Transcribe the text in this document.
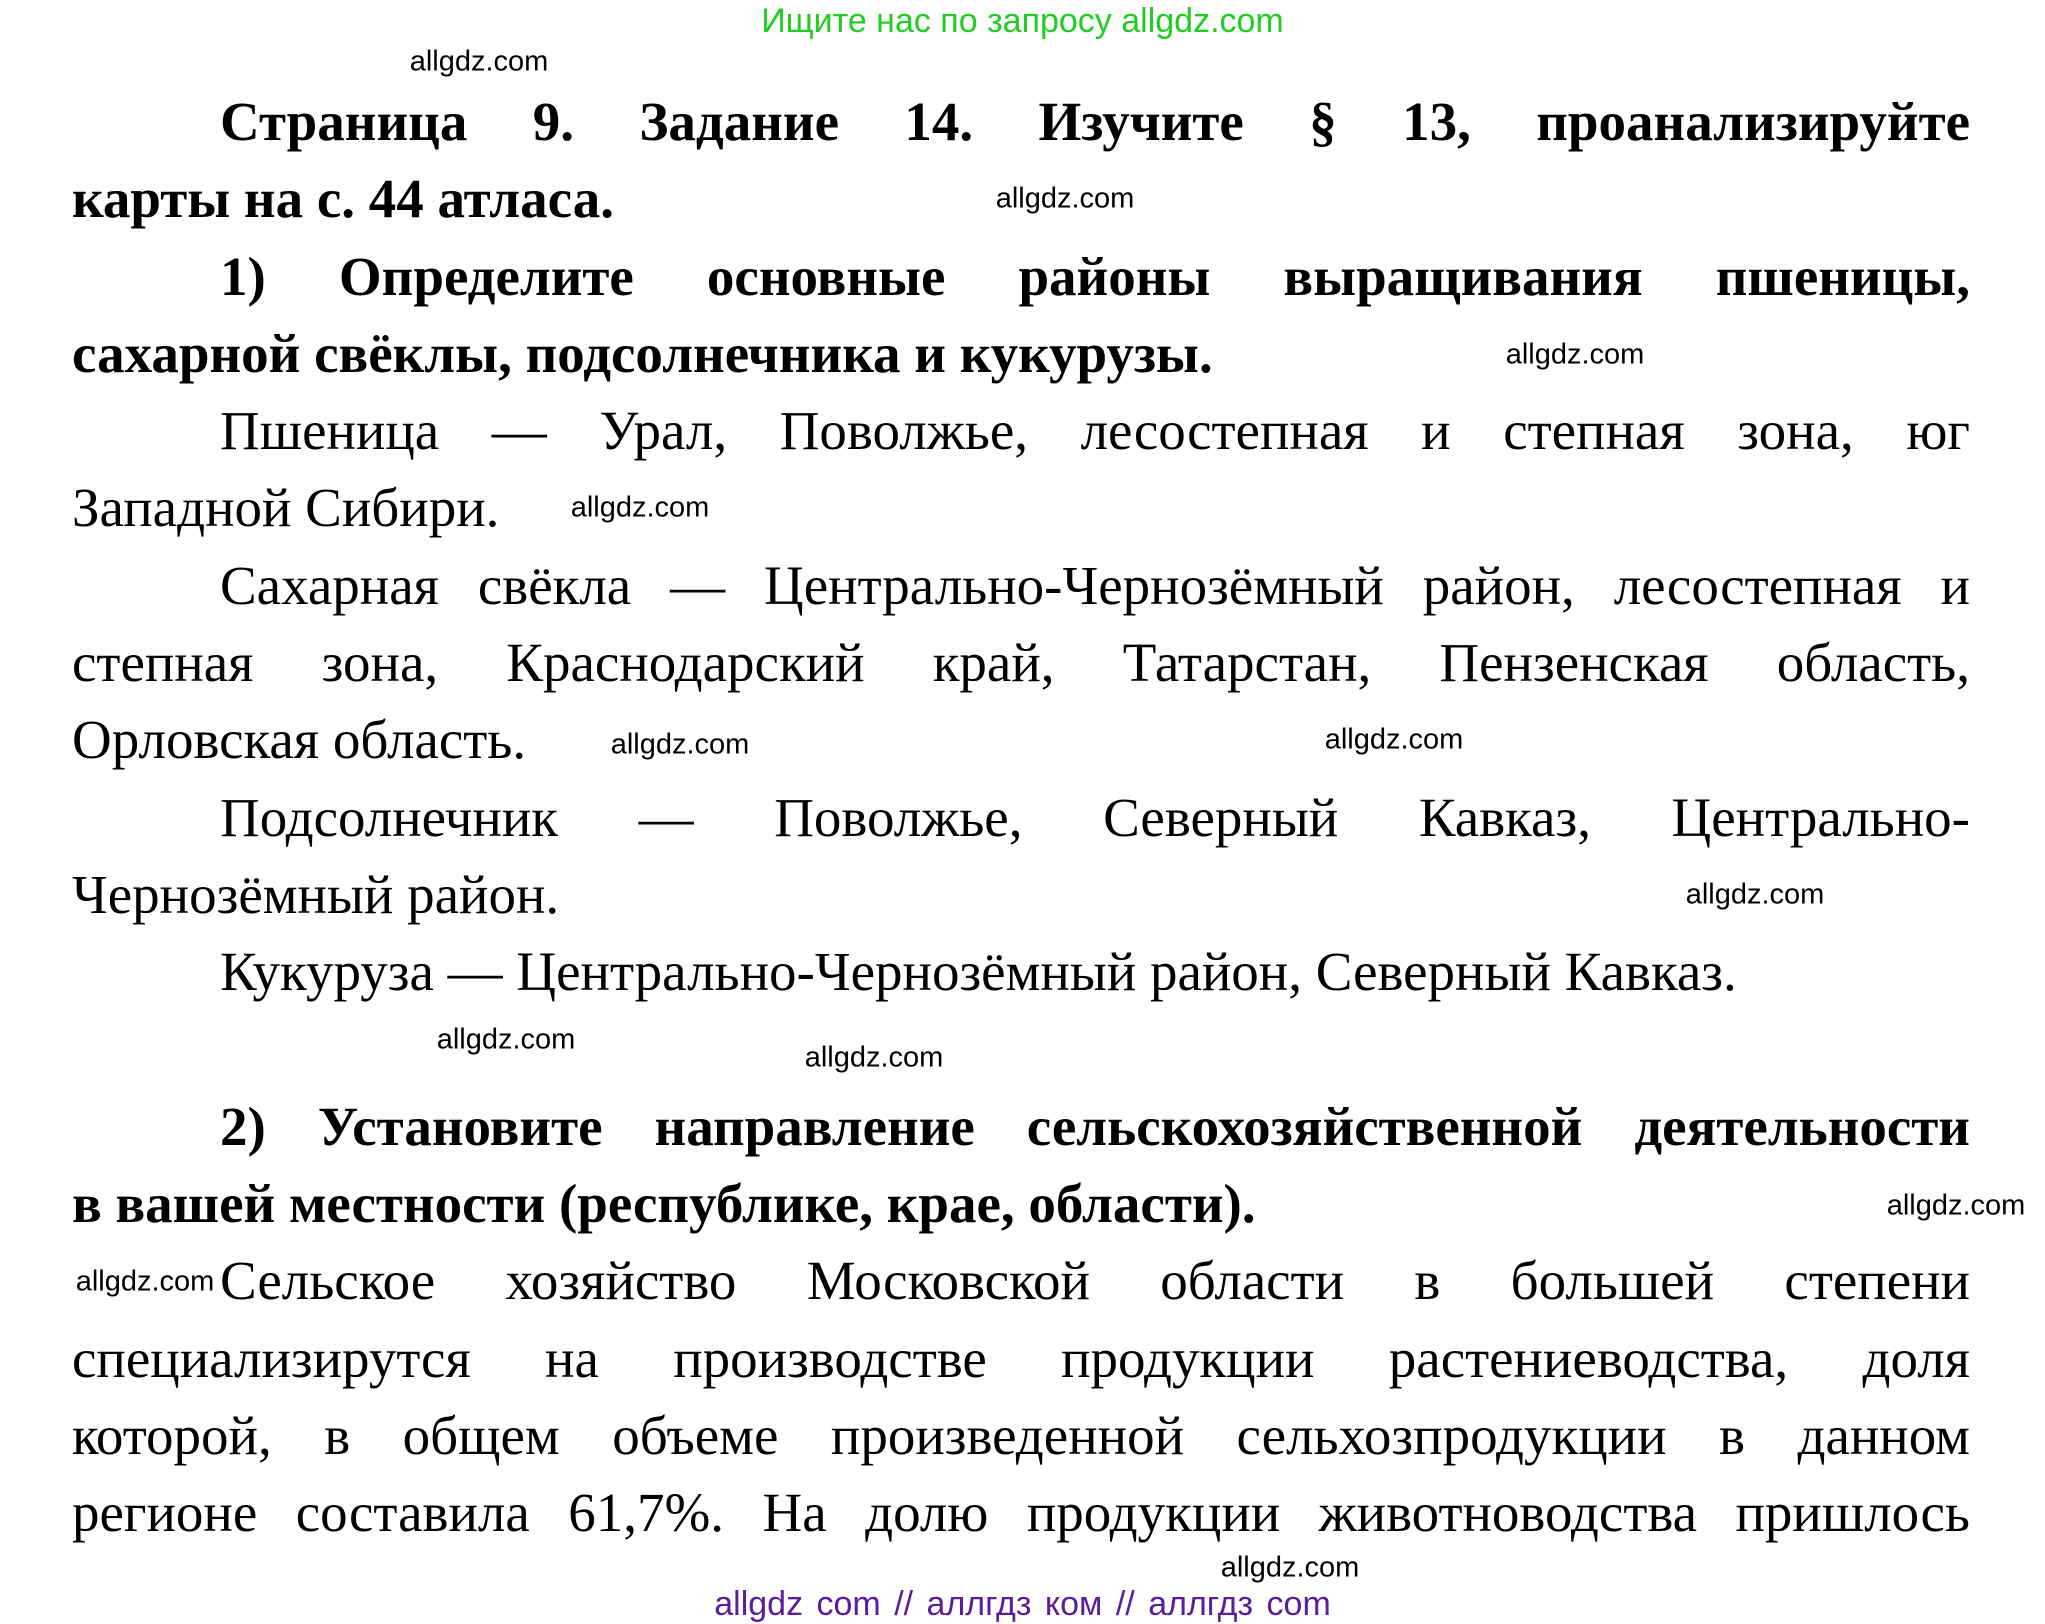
Ищите нас по запросу allgdz.com
Страница 9. Задание 14. Изучите § 13, проанализируйте
карты на с. 44 атласа.
1) Определите основные районы выращивания пшеницы,
сахарной свёклы, подсолнечника и кукурузы.
Пшеница — Урал, Поволжье, лесостепная и степная зона, юг
Западной Сибири.
Сахарная свёкла — Центрально-Чернозёмный район, лесостепная и
степная зона, Краснодарский край, Татарстан, Пензенская область,
Орловская область.
Подсолнечник — Поволжье, Северный Кавказ, Центрально-
Чернозёмный район.
Кукуруза — Центрально-Чернозёмный район, Северный Кавказ.
2) Установите направление сельскохозяйственной деятельности
в вашей местности (республике, крае, области).
Сельское хозяйство Московской области в большей степени
специализирутся на производстве продукции растениеводства, доля
которой, в общем объеме произведенной сельхозпродукции в данном
регионе составила 61,7%. На долю продукции животноводства пришлось
allgdz.com
allgdz.com
allgdz.com
allgdz.com
allgdz.com
allgdz.com
allgdz.com
allgdz.com
allgdz.com
allgdz.com
allgdz.com
allgdz.com
allgdz com // аллгдз ком // аллгдз com
